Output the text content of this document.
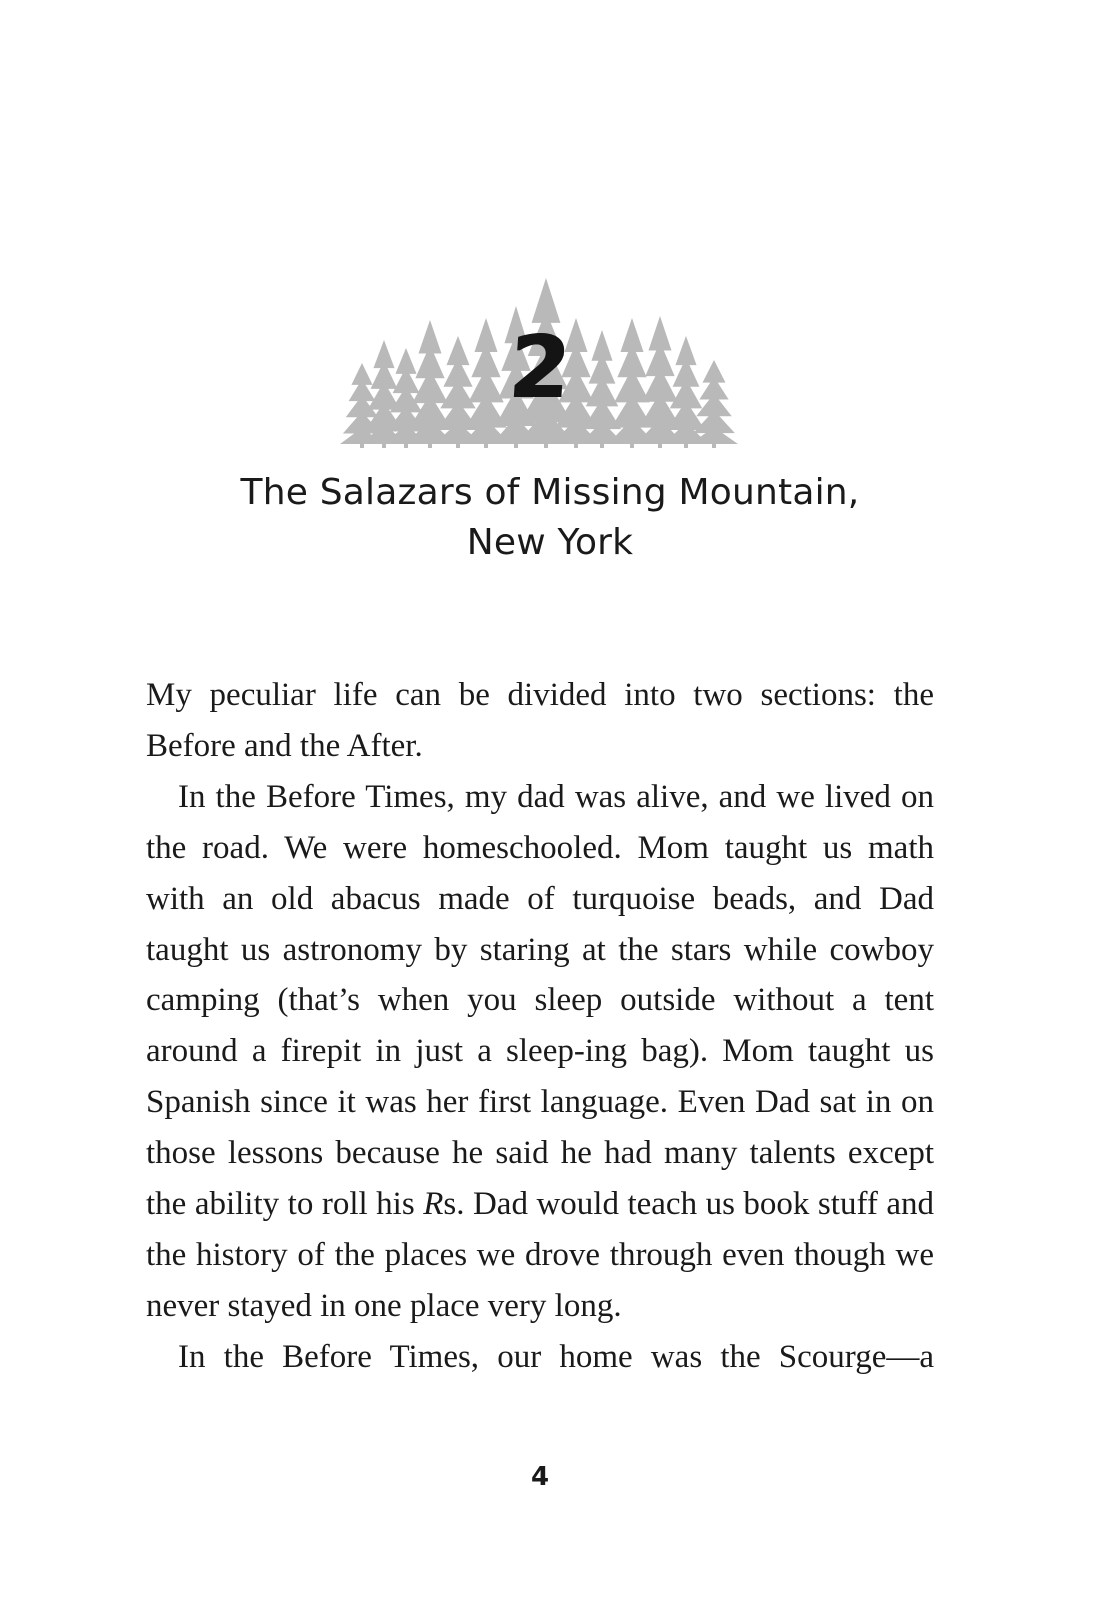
2
The Salazars of Missing Mountain,
New York

My peculiar life can be divided into two sections: the Before and the After.

In the Before Times, my dad was alive, and we lived on the road. We were homeschooled. Mom taught us math with an old abacus made of turquoise beads, and Dad taught us astronomy by staring at the stars while cowboy camping (that’s when you sleep outside without a tent around a firepit in just a sleep-ing bag). Mom taught us Spanish since it was her first language. Even Dad sat in on those lessons because he said he had many talents except the ability to roll his Rs. Dad would teach us book stuff and the history of the places we drove through even though we never stayed in one place very long.

In the Before Times, our home was the Scourge—a

4
